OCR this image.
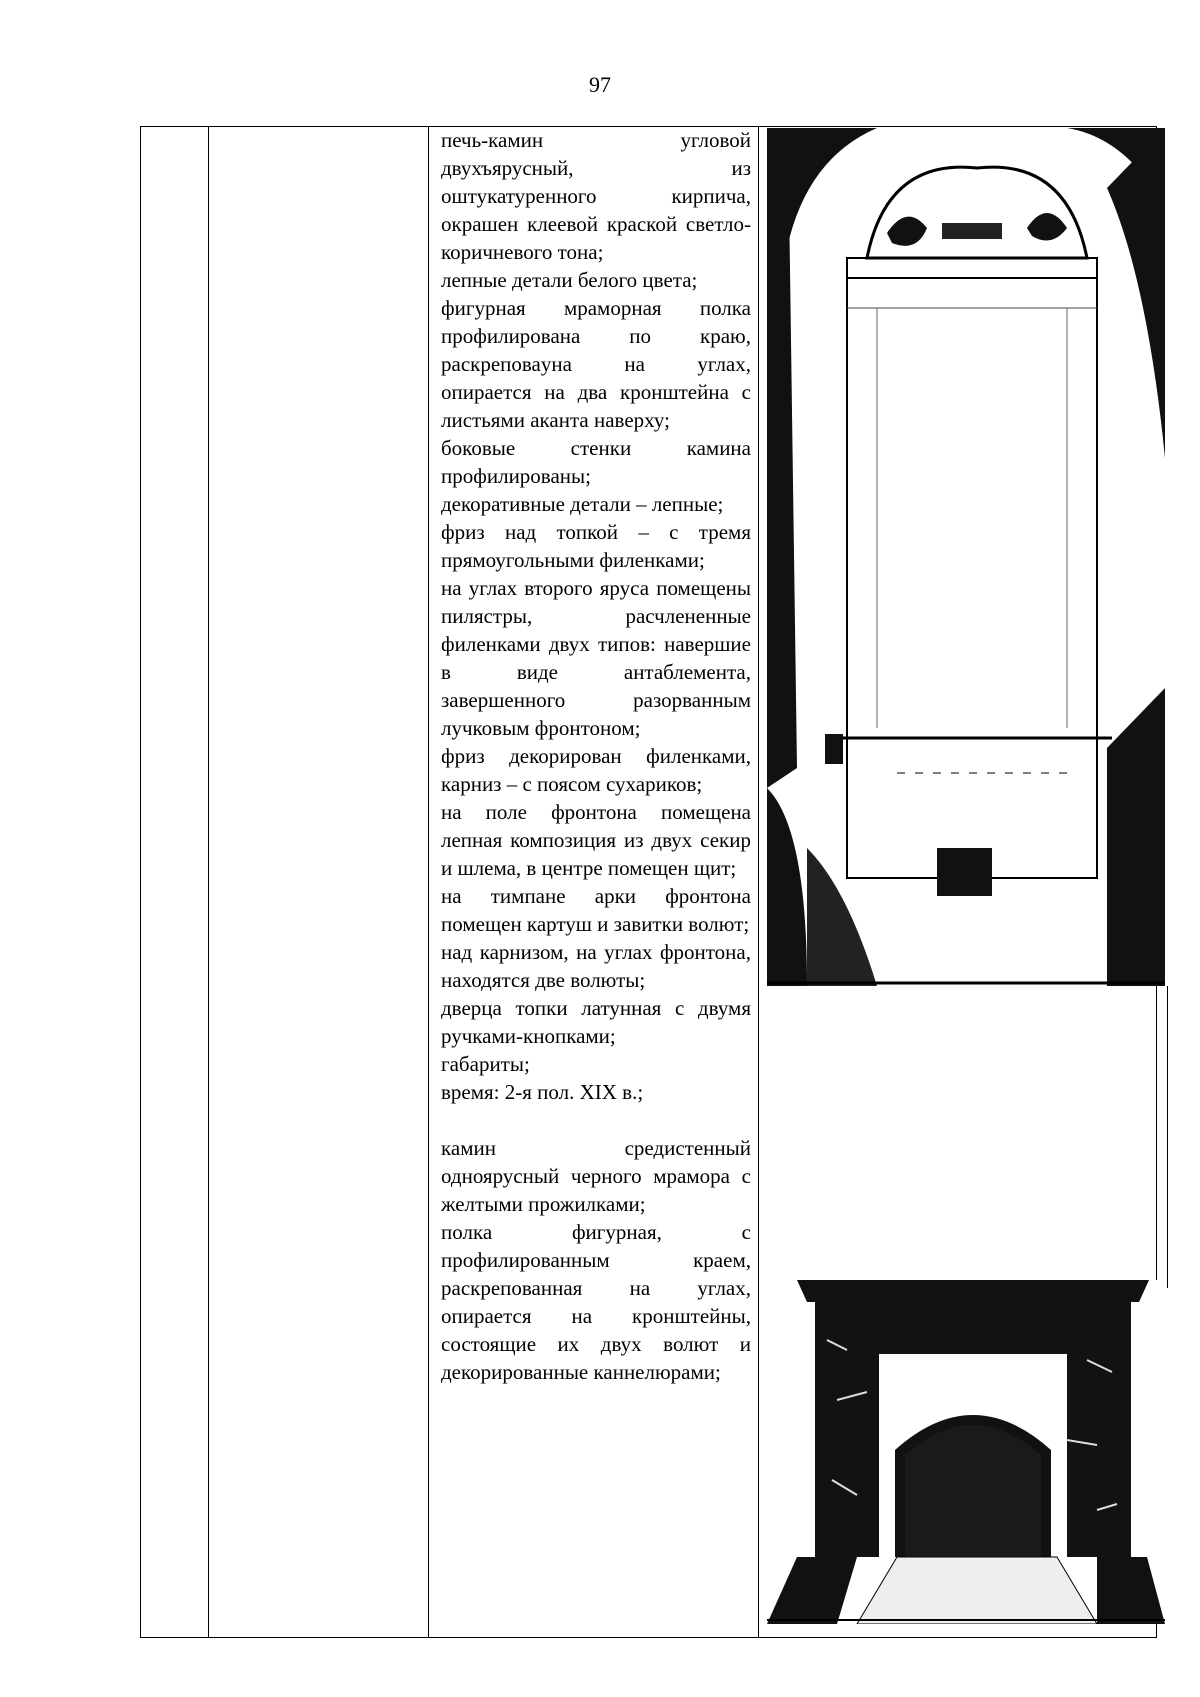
97

печь-камин угловой двухъярусный, из оштукатуренного кирпича, окрашен клеевой краской светло-коричневого тона;

лепные детали белого цвета;

фигурная мраморная полка профилирована по краю, раскреповаyна на углах, опирается на два кронштейна с листьями аканта наверху;

боковые стенки камина профилированы;

декоративные детали – лепные;

фриз над топкой – с тремя прямоугольными филенками;

на углах второго яруса помещены пилястры, расчлененные филенками двух типов: навершие в виде антаблемента, завершенного разорванным лучковым фронтоном;

фриз декорирован филенками, карниз – с поясом сухариков;

на поле фронтона помещена лепная композиция из двух секир и шлема, в центре помещен щит;

на тимпане арки фронтона помещен картуш и завитки волют;

над карнизом, на углах фронтона, находятся две волюты;

дверца топки латунная с двумя ручками-кнопками;

габариты;

время: 2-я пол. XIX в.;

камин средистенный одноярусный черного мрамора с желтыми прожилками;

полка фигурная, с профилированным краем, раскрепованная на углах, опирается на кронштейны, состоящие их двух волют и декорированные каннелюрами;
